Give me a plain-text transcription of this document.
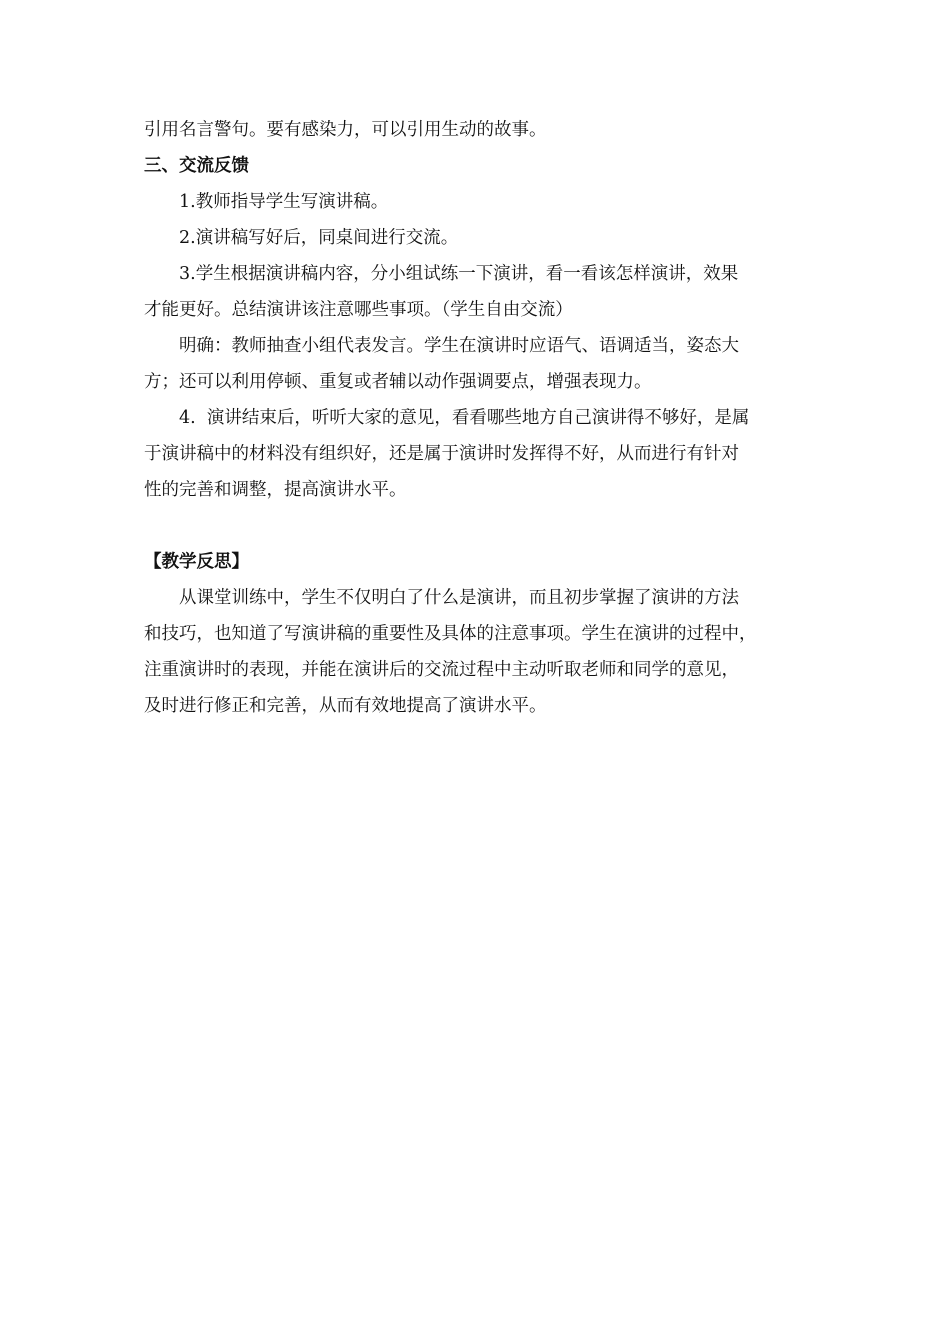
引用名言警句。要有感染力，可以引用生动的故事。

三、交流反馈

1.教师指导学生写演讲稿。

2.演讲稿写好后，同桌间进行交流。

3.学生根据演讲稿内容，分小组试练一下演讲，看一看该怎样演讲，效果

才能更好。总结演讲该注意哪些事项。（学生自由交流）

明确：教师抽查小组代表发言。学生在演讲时应语气、语调适当，姿态大

方；还可以利用停顿、重复或者辅以动作强调要点，增强表现力。

4.  演讲结束后，听听大家的意见，看看哪些地方自己演讲得不够好，是属

于演讲稿中的材料没有组织好，还是属于演讲时发挥得不好，从而进行有针对

性的完善和调整，提高演讲水平。

【教学反思】

从课堂训练中，学生不仅明白了什么是演讲，而且初步掌握了演讲的方法

和技巧，也知道了写演讲稿的重要性及具体的注意事项。学生在演讲的过程中，

注重演讲时的表现，并能在演讲后的交流过程中主动听取老师和同学的意见，

及时进行修正和完善，从而有效地提高了演讲水平。
